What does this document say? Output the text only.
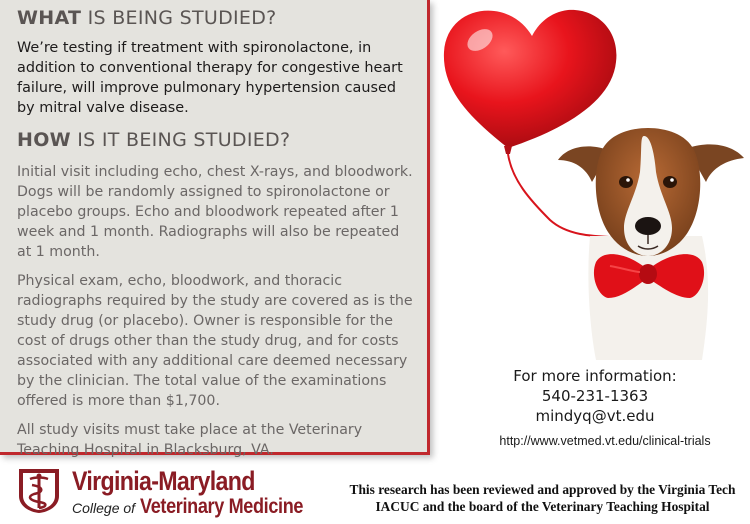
WHAT IS BEING STUDIED?

We’re testing if treatment with spironolactone, in addition to conventional therapy for congestive heart failure, will improve pulmonary hypertension caused by mitral valve disease.

HOW IS IT BEING STUDIED?

Initial visit including echo, chest X-rays, and bloodwork. Dogs will be randomly assigned to spironolactone or placebo groups. Echo and bloodwork repeated after 1 week and 1 month. Radiographs will also be repeated at 1 month.

Physical exam, echo, bloodwork, and thoracic radiographs required by the study are covered as is the study drug (or placebo). Owner is responsible for the cost of drugs other than the study drug, and for costs associated with any additional care deemed necessary by the clinician. The total value of the examinations offered is more than $1,700.

All study visits must take place at the Veterinary Teaching Hospital in Blacksburg, VA.

For more information:
540-231-1363
mindyq@vt.edu
http://www.vetmed.vt.edu/clinical-trials
Virginia-Maryland
College of Veterinary Medicine
This research has been reviewed and approved by the Virginia Tech IACUC and the board of the Veterinary Teaching Hospital
